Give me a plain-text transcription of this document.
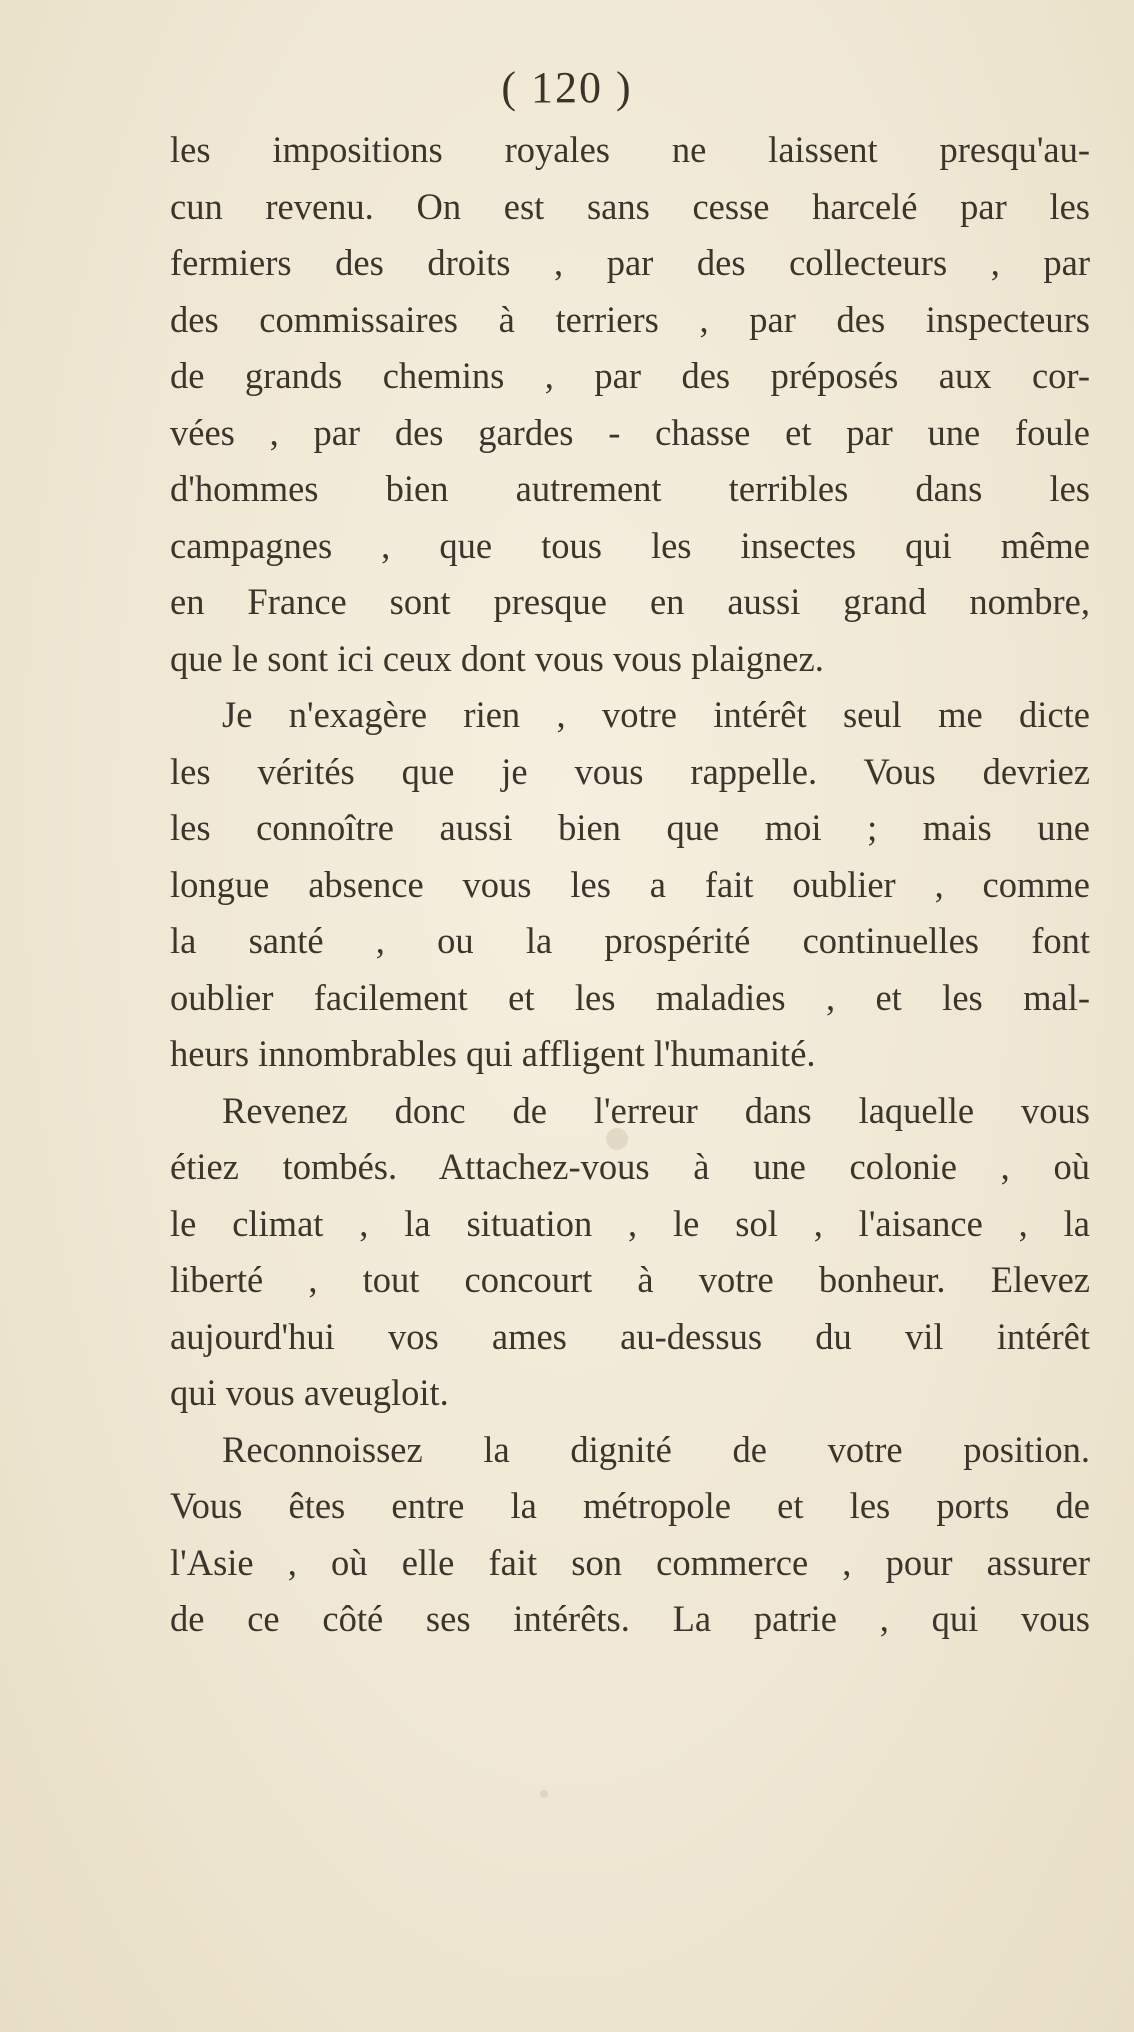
( 120 )
les impositions royales ne laissent presqu'au-
cun revenu. On est sans cesse harcelé par les
fermiers des droits , par des collecteurs , par
des commissaires à terriers , par des inspecteurs
de grands chemins , par des préposés aux cor-
vées , par des gardes - chasse et par une foule
d'hommes bien autrement terribles dans les
campagnes , que tous les insectes qui même
en France sont presque en aussi grand nombre,
que le sont ici ceux dont vous vous plaignez.
Je n'exagère rien , votre intérêt seul me dicte
les vérités que je vous rappelle. Vous devriez
les connoître aussi bien que moi ; mais une
longue absence vous les a fait oublier , comme
la santé , ou la prospérité continuelles font
oublier facilement et les maladies , et les mal-
heurs innombrables qui affligent l'humanité.
Revenez donc de l'erreur dans laquelle vous
étiez tombés. Attachez-vous à une colonie , où
le climat , la situation , le sol , l'aisance , la
liberté , tout concourt à votre bonheur. Elevez
aujourd'hui vos ames au-dessus du vil intérêt
qui vous aveugloit.
Reconnoissez la dignité de votre position.
Vous êtes entre la métropole et les ports de
l'Asie , où elle fait son commerce , pour assurer
de ce côté ses intérêts. La patrie , qui vous
